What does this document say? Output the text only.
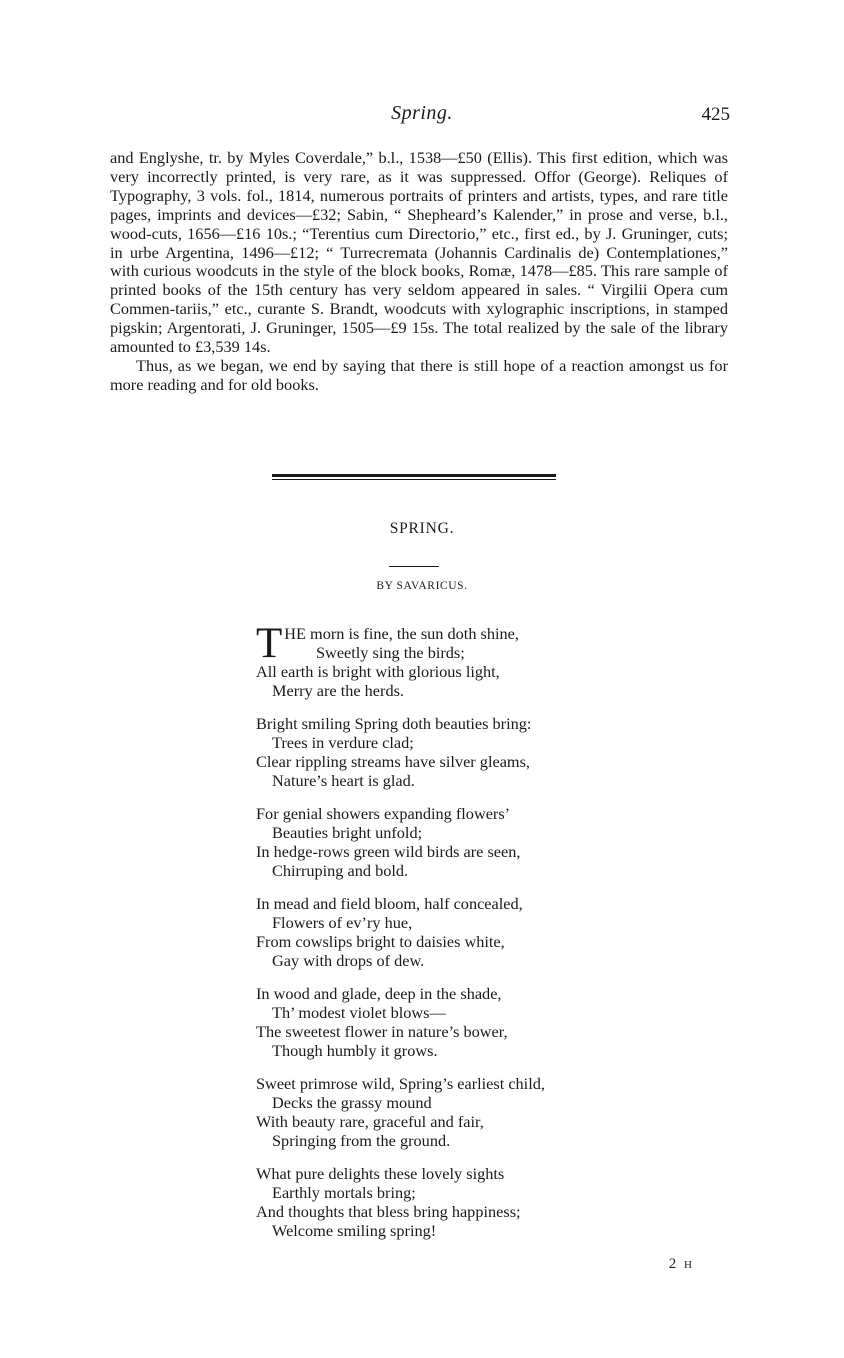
Spring.	425

and Englyshe, tr. by Myles Coverdale,” b.l., 1538—£50 (Ellis). This first edition, which was very incorrectly printed, is very rare, as it was suppressed. Offor (George). Reliques of Typography, 3 vols. fol., 1814, numerous portraits of printers and artists, types, and rare title pages, imprints and devices—£32; Sabin, “ Shepheard’s Kalender,” in prose and verse, b.l., wood-cuts, 1656—£16 10s.; “Terentius cum Directorio,” etc., first ed., by J. Gruninger, cuts; in urbe Argentina, 1496—£12; “ Turrecremata (Johannis Cardinalis de) Contemplationes,” with curious woodcuts in the style of the block books, Romæ, 1478—£85. This rare sample of printed books of the 15th century has very seldom appeared in sales. “ Virgilii Opera cum Commen-tariis,” etc., curante S. Brandt, woodcuts with xylographic inscriptions, in stamped pigskin; Argentorati, J. Gruninger, 1505—£9 15s. The total realized by the sale of the library amounted to £3,539 14s.

Thus, as we began, we end by saying that there is still hope of a reaction amongst us for more reading and for old books.

SPRING.
BY SAVARICUS.
T HE morn is fine, the sun doth shine,
Sweetly sing the birds;
All earth is bright with glorious light,
Merry are the herds.
Bright smiling Spring doth beauties bring:
Trees in verdure clad;
Clear rippling streams have silver gleams,
Nature’s heart is glad.
For genial showers expanding flowers’
Beauties bright unfold;
In hedge-rows green wild birds are seen,
Chirruping and bold.
In mead and field bloom, half concealed,
Flowers of ev’ry hue,
From cowslips bright to daisies white,
Gay with drops of dew.
In wood and glade, deep in the shade,
Th’ modest violet blows—
The sweetest flower in nature’s bower,
Though humbly it grows.
Sweet primrose wild, Spring’s earliest child,
Decks the grassy mound
With beauty rare, graceful and fair,
Springing from the ground.
What pure delights these lovely sights
Earthly mortals bring;
And thoughts that bless bring happiness;
Welcome smiling spring!
2 H
